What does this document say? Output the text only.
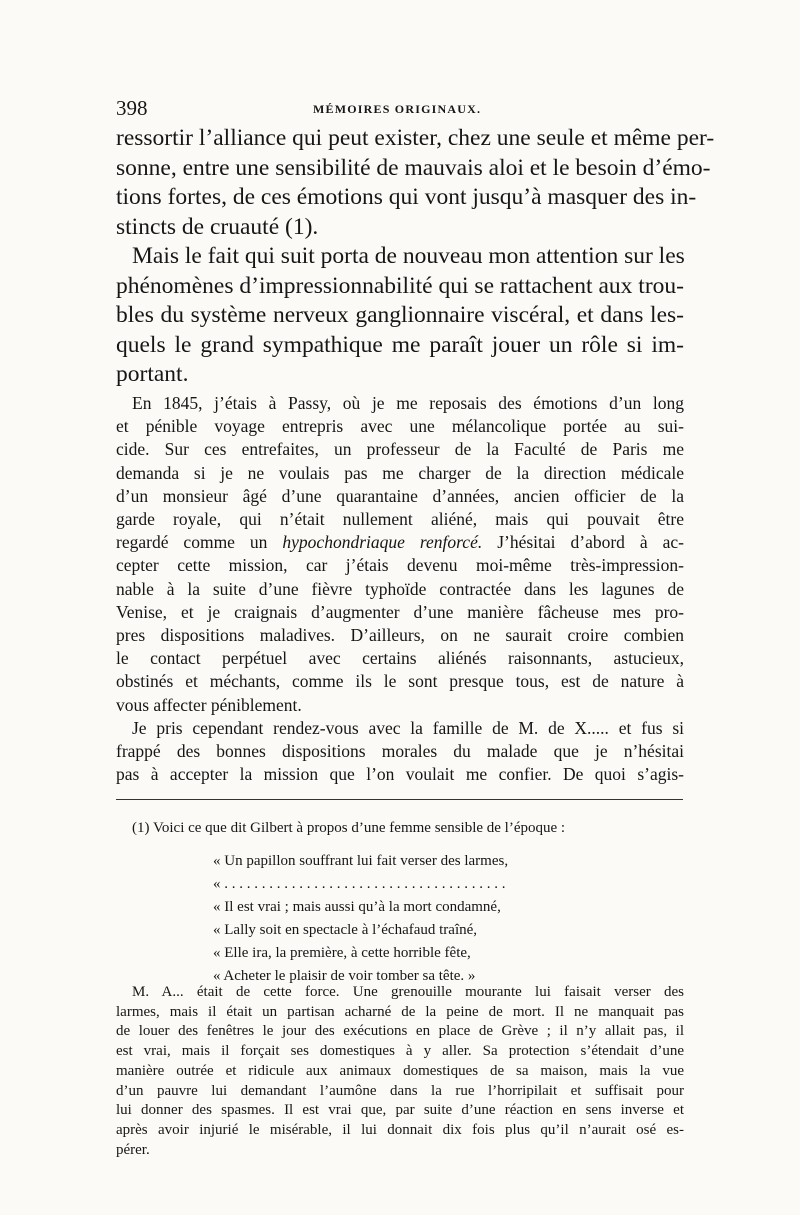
398	MÉMOIRES ORIGINAUX.
ressortir l’alliance qui peut exister, chez une seule et même per-
sonne, entre une sensibilité de mauvais aloi et le besoin d’émo-
tions fortes, de ces émotions qui vont jusqu’à masquer des in-
stincts de cruauté (1).
Mais le fait qui suit porta de nouveau mon attention sur les
phénomènes d’impressionnabilité qui se rattachent aux trou-
bles du système nerveux ganglionnaire viscéral, et dans les-
quels le grand sympathique me paraît jouer un rôle si im-
portant.
En 1845, j’étais à Passy, où je me reposais des émotions d’un long
et pénible voyage entrepris avec une mélancolique portée au sui-
cide. Sur ces entrefaites, un professeur de la Faculté de Paris me
demanda si je ne voulais pas me charger de la direction médicale
d’un monsieur âgé d’une quarantaine d’années, ancien officier de la
garde royale, qui n’était nullement aliéné, mais qui pouvait être
regardé comme un hypochondriaque renforcé. J’hésitai d’abord à ac-
cepter cette mission, car j’étais devenu moi-même très-impression-
nable à la suite d’une fièvre typhoïde contractée dans les lagunes de
Venise, et je craignais d’augmenter d’une manière fâcheuse mes pro-
pres dispositions maladives. D’ailleurs, on ne saurait croire combien
le contact perpétuel avec certains aliénés raisonnants, astucieux,
obstinés et méchants, comme ils le sont presque tous, est de nature à
vous affecter péniblement.
Je pris cependant rendez-vous avec la famille de M. de X..... et fus si
frappé des bonnes dispositions morales du malade que je n’hésitai
pas à accepter la mission que l’on voulait me confier. De quoi s’agis-
(1) Voici ce que dit Gilbert à propos d’une femme sensible de l’époque :
« Un papillon souffrant lui fait verser des larmes,
« . . . . . . . . . . . . . . . . . . . . . . . . . . . . . . . . . . . . . .
« Il est vrai ; mais aussi qu’à la mort condamné,
« Lally soit en spectacle à l’échafaud traîné,
« Elle ira, la première, à cette horrible fête,
« Acheter le plaisir de voir tomber sa tête. »
M. A... était de cette force. Une grenouille mourante lui faisait verser des
larmes, mais il était un partisan acharné de la peine de mort. Il ne manquait pas
de louer des fenêtres le jour des exécutions en place de Grève ; il n’y allait pas, il
est vrai, mais il forçait ses domestiques à y aller. Sa protection s’étendait d’une
manière outrée et ridicule aux animaux domestiques de sa maison, mais la vue
d’un pauvre lui demandant l’aumône dans la rue l’horripilait et suffisait pour
lui donner des spasmes. Il est vrai que, par suite d’une réaction en sens inverse et
après avoir injurié le misérable, il lui donnait dix fois plus qu’il n’aurait osé es-
pérer.
